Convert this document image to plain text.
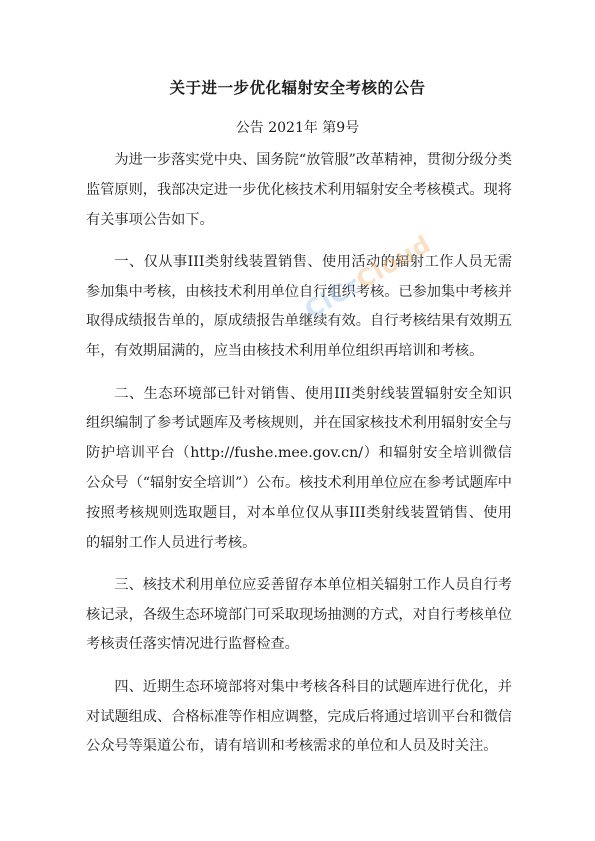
关于进一步优化辐射安全考核的公告
公告 2021年 第9号

为进一步落实党中央、国务院“放管服”改革精神，贯彻分级分类监管原则，我部决定进一步优化核技术利用辐射安全考核模式。现将有关事项公告如下。

一、仅从事III类射线装置销售、使用活动的辐射工作人员无需参加集中考核，由核技术利用单位自行组织考核。已参加集中考核并取得成绩报告单的，原成绩报告单继续有效。自行考核结果有效期五年，有效期届满的，应当由核技术利用单位组织再培训和考核。

二、生态环境部已针对销售、使用III类射线装置辐射安全知识组织编制了参考试题库及考核规则，并在国家核技术利用辐射安全与防护培训平台（http://fushe.mee.gov.cn/）和辐射安全培训微信公众号（“辐射安全培训”）公布。核技术利用单位应在参考试题库中按照考核规则选取题目，对本单位仅从事III类射线装置销售、使用的辐射工作人员进行考核。

三、核技术利用单位应妥善留存本单位相关辐射工作人员自行考核记录，各级生态环境部门可采取现场抽测的方式，对自行考核单位考核责任落实情况进行监督检查。

四、近期生态环境部将对集中考核各科目的试题库进行优化，并对试题组成、合格标准等作相应调整，完成后将通过培训平台和微信公众号等渠道公布，请有培训和考核需求的单位和人员及时关注。

CiCrCloud
